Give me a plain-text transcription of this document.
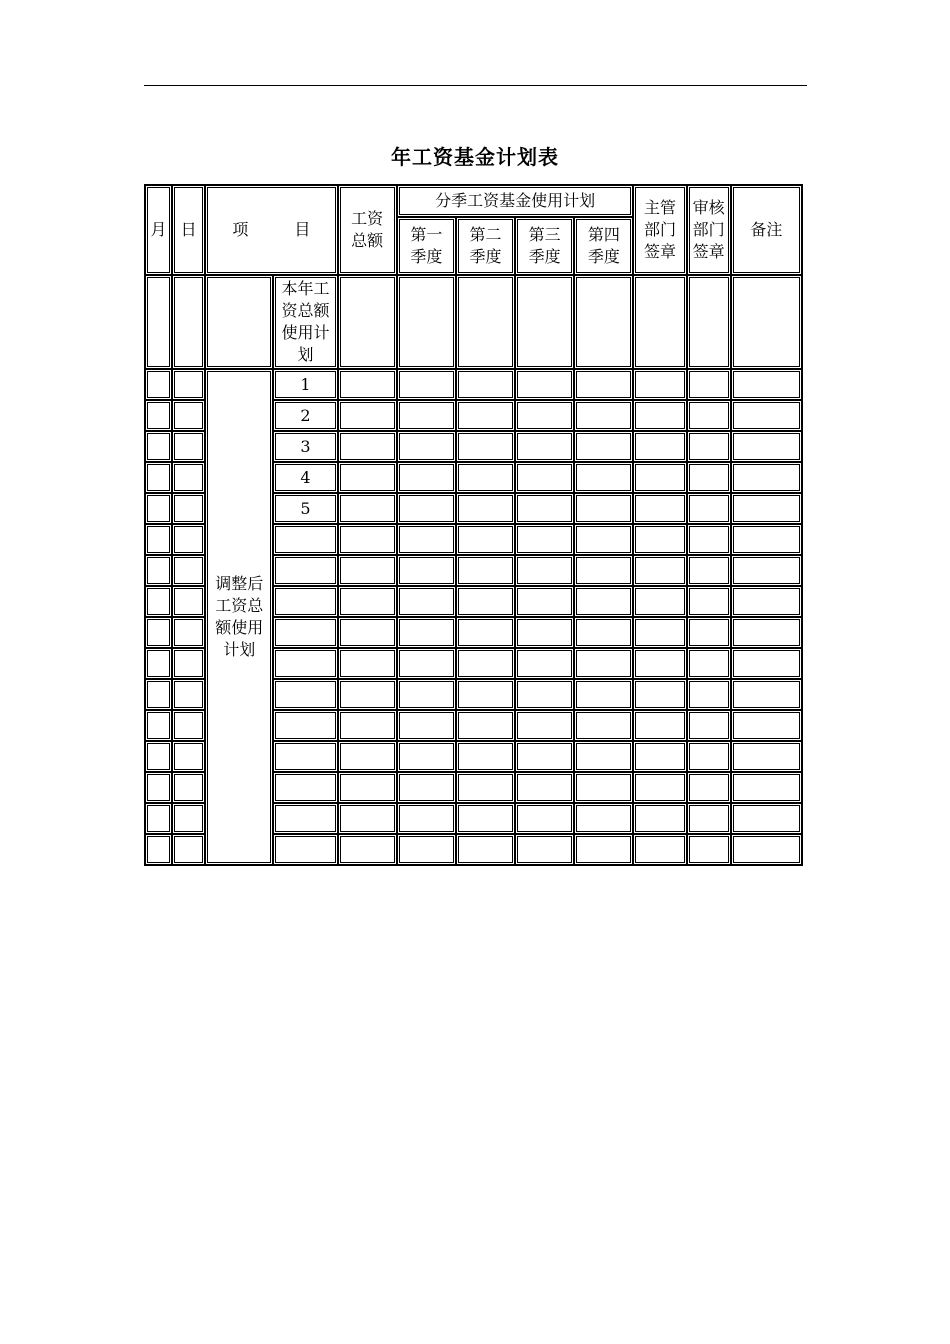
年工资基金计划表
月	日	项 目		工资总额	分季工资基金使用计划				主管部门签章	审核部门签章	备注
					第一季度	第二季度	第三季度	第四季度			
			本年工资总额使用计划								
		调整后工资总额使用计划	1								
			2								
			3								
			4								
			5								
